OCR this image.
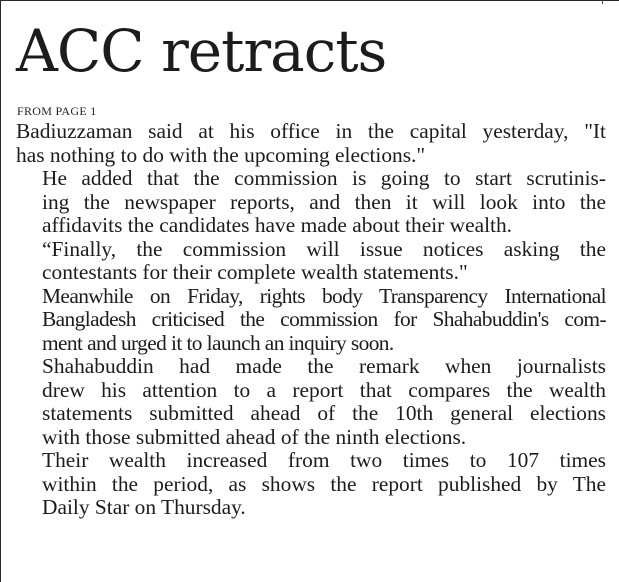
ACC retracts
FROM PAGE 1

Badiuzzaman said at his office in the capital yesterday, "It
has nothing to do with the upcoming elections."

He added that the commission is going to start scrutinis-
ing the newspaper reports, and then it will look into the
affidavits the candidates have made about their wealth.

“Finally, the commission will issue notices asking the
contestants for their complete wealth statements."

Meanwhile on Friday, rights body Transparency International
Bangladesh criticised the commission for Shahabuddin's com-
ment and urged it to launch an inquiry soon.

Shahabuddin had made the remark when journalists
drew his attention to a report that compares the wealth
statements submitted ahead of the 10th general elections
with those submitted ahead of the ninth elections.

Their wealth increased from two times to 107 times
within the period, as shows the report published by The
Daily Star on Thursday.
